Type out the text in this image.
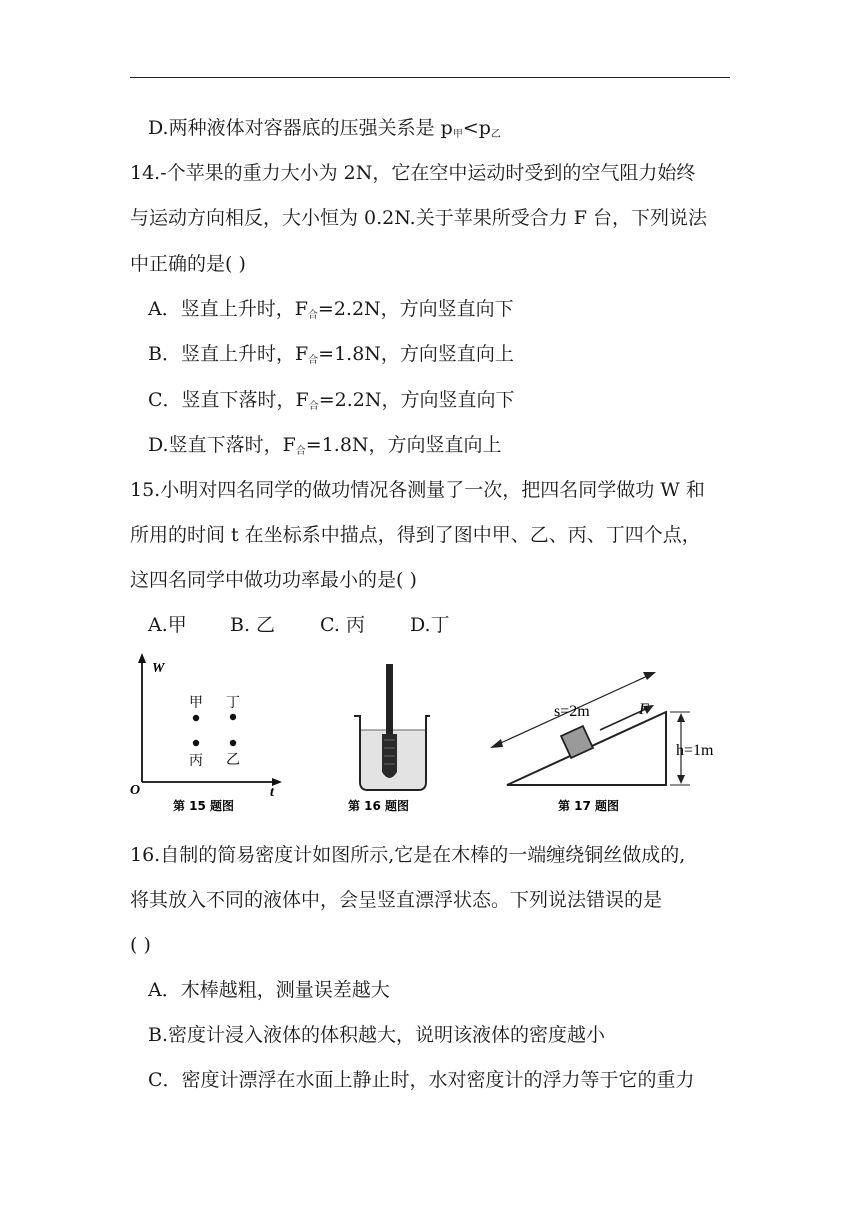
D.两种液体对容器底的压强关系是 $p_甲<p_乙$
14.-个苹果的重力大小为 2N，它在空中运动时受到的空气阻力始终
与运动方向相反，大小恒为 0.2N.关于苹果所受合力 F 台，下列说法
中正确的是( )
A．竖直上升时，$F_合=2.2N$，方向竖直向下
B．竖直上升时，$F_合=1.8N$，方向竖直向上
C．竖直下落时，$F_合=2.2N$，方向竖直向下
D.竖直下落时，$F_合=1.8N$，方向竖直向上
15.小明对四名同学的做功情况各测量了一次，把四名同学做功 W 和
所用的时间 t 在坐标系中描点，得到了图中甲、乙、丙、丁四个点，
这四名同学中做功功率最小的是( )
A.甲 B. 乙 C. 丙 D.丁
W
t
O
甲 丁
丙 乙
第 15 题图	第 16 题图
F
s=2m
h=1m
第 17 题图
16.自制的简易密度计如图所示,它是在木棒的一端缠绕铜丝做成的,
将其放入不同的液体中，会呈竖直漂浮状态。下列说法错误的是
( )
A．木棒越粗，测量误差越大
B.密度计浸入液体的体积越大，说明该液体的密度越小
C．密度计漂浮在水面上静止时，水对密度计的浮力等于它的重力
